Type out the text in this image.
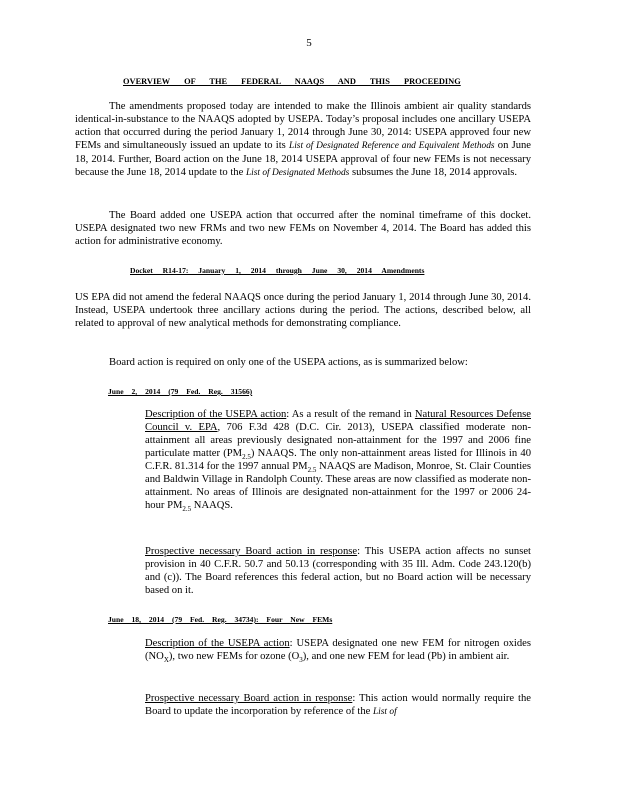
5
OVERVIEW OF THE FEDERAL NAAQS AND THIS PROCEEDING
The amendments proposed today are intended to make the Illinois ambient air quality standards identical-in-substance to the NAAQS adopted by USEPA. Today’s proposal includes one ancillary USEPA action that occurred during the period January 1, 2014 through June 30, 2014: USEPA approved four new FEMs and simultaneously issued an update to its List of Designated Reference and Equivalent Methods on June 18, 2014. Further, Board action on the June 18, 2014 USEPA approval of four new FEMs is not necessary because the June 18, 2014 update to the List of Designated Methods subsumes the June 18, 2014 approvals.
The Board added one USEPA action that occurred after the nominal timeframe of this docket. USEPA designated two new FRMs and two new FEMs on November 4, 2014. The Board has added this action for administrative economy.
Docket R14-17: January 1, 2014 through June 30, 2014 Amendments
US EPA did not amend the federal NAAQS once during the period January 1, 2014 through June 30, 2014. Instead, USEPA undertook three ancillary actions during the period. The actions, described below, all related to approval of new analytical methods for demonstrating compliance.
Board action is required on only one of the USEPA actions, as is summarized below:
June 2, 2014 (79 Fed. Reg. 31566)
Description of the USEPA action: As a result of the remand in Natural Resources Defense Council v. EPA, 706 F.3d 428 (D.C. Cir. 2013), USEPA classified moderate non-attainment all areas previously designated non-attainment for the 1997 and 2006 fine particulate matter $(PM_{2.5})$ NAAQS. The only non-attainment areas listed for Illinois in 40 C.F.R. 81.314 for the 1997 annual $PM_{2.5}$ NAAQS are Madison, Monroe, St. Clair Counties and Baldwin Village in Randolph County. These areas are now classified as moderate non-attainment. No areas of Illinois are designated non-attainment for the 1997 or 2006 24-hour $PM_{2.5}$ NAAQS.
Prospective necessary Board action in response: This USEPA action affects no sunset provision in 40 C.F.R. 50.7 and 50.13 (corresponding with 35 Ill. Adm. Code 243.120(b) and (c)). The Board references this federal action, but no Board action will be necessary based on it.
June 18, 2014 (79 Fed. Reg. 34734): Four New FEMs
Description of the USEPA action: USEPA designated one new FEM for nitrogen oxides $(NO_X)$, two new FEMs for ozone $(O_3)$, and one new FEM for lead (Pb) in ambient air.
Prospective necessary Board action in response: This action would normally require the Board to update the incorporation by reference of the List of
